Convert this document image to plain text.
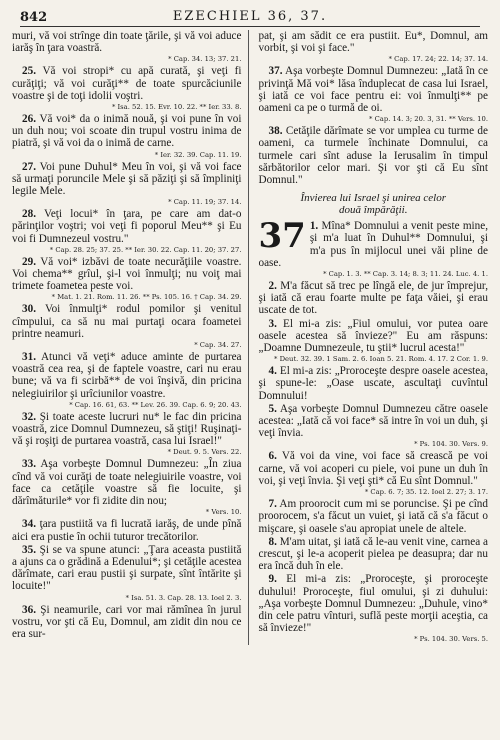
842	EZECHIEL 36, 37.

muri, vă voi strînge din toate ţările, şi vă voi aduce iarăş în ţara voastră.

* Cap. 34. 13; 37. 21.

25. Vă voi stropi* cu apă curată, şi veţi fi curăţiţi; vă voi curăţi** de toate spurcăciunile voastre şi de toţi idolii voştri.

* Isa. 52. 15. Evr. 10. 22. ** Ier. 33. 8.

26. Vă voi* da o inimă nouă, şi voi pune în voi un duh nou; voi scoate din trupul vostru inima de piatră, şi vă voi da o inimă de carne.

* Ier. 32. 39. Cap. 11. 19.

27. Voi pune Duhul* Meu în voi, şi vă voi face să urmaţi poruncile Mele şi să păziţi şi să împliniţi legile Mele.

* Cap. 11. 19; 37. 14.

28. Veţi locui* în ţara, pe care am dat-o părinţilor voştri; voi veţi fi poporul Meu** şi Eu voi fi Dumnezeul vostru."

* Cap. 28. 25; 37. 25. ** Ier. 30. 22. Cap. 11. 20; 37. 27.

29. Vă voi* izbăvi de toate necurăţiile voastre. Voi chema** grîul, şi-l voi înmulţi; nu voiţ mai trimete foametea peste voi.

* Mat. 1. 21. Rom. 11. 26. ** Ps. 105. 16. † Cap. 34. 29.

30. Voi înmulţi* rodul pomilor şi venitul cîmpului, ca să nu mai purtaţi ocara foametei printre neamuri.

* Cap. 34. 27.

31. Atunci vă veţi* aduce aminte de purtarea voastră cea rea, şi de faptele voastre, cari nu erau bune; vă va fi scirbă** de voi înşivă, din pricina nelegiuirilor şi urîciunilor voastre.

* Cap. 16. 61, 63. ** Lev. 26. 39. Cap. 6. 9; 20. 43.

32. Şi toate aceste lucruri nu* le fac din pricina voastră, zice Domnul Dumnezeu, să ştiţi! Ruşinaţi-vă şi roşiţi de purtarea voastră, casa lui Israel!"

* Deut. 9. 5. Vers. 22.

33. Aşa vorbeşte Domnul Dumnezeu: „În ziua cînd vă voi curăţi de toate nelegiuirile voastre, voi face ca cetăţile voastre să fie locuite, şi dărîmăturile* vor fi zidite din nou;

* Vers. 10.

34. ţara pustiită va fi lucrată iarăş, de unde pînă aici era pustie în ochii tuturor trecătorilor.

35. Şi se va spune atunci: „Ţara aceasta pustiită a ajuns ca o grădină a Edenului*; şi cetăţile acestea dărîmate, cari erau pustii şi surpate, sînt întărite şi locuite!"

* Isa. 51. 3. Cap. 28. 13. Ioel 2. 3.

36. Şi neamurile, cari vor mai rămînea în jurul vostru, vor şti că Eu, Domnul, am zidit din nou ce era sur-

pat, şi am sădit ce era pustiit. Eu*, Domnul, am vorbit, şi voi şi face."

* Cap. 17. 24; 22. 14; 37. 14.

37. Aşa vorbeşte Domnul Dumnezeu: „Iată în ce privinţă Mă voi* lăsa înduplecat de casa lui Israel, şi iată ce voi face pentru ei: voi înmulţi** pe oameni ca pe o turmă de oi.

* Cap. 14. 3; 20. 3, 31. ** Vers. 10.

38. Cetăţile dărîmate se vor umplea cu turme de oameni, ca turmele închinate Domnului, ca turmele cari sînt aduse la Ierusalim în timpul sărbătorilor celor mari. Şi vor şti că Eu sînt Domnul."

Învierea lui Israel şi unirea celor
două împărăţii.
37 1. Mîna* Domnului a venit peste mine, şi m'a luat în Duhul** Domnului, şi m'a pus în mijlocul unei văi pline de oase.

* Cap. 1. 3. ** Cap. 3. 14; 8. 3; 11. 24. Luc. 4. 1.

2. M'a făcut să trec pe lîngă ele, de jur împrejur, şi iată că erau foarte multe pe faţa văiei, şi erau uscate de tot.

3. El mi-a zis: „Fiul omului, vor putea oare oasele acestea să învieze?" Eu am răspuns: „Doamne Dumnezeule, tu ştii* lucrul acesta!"

* Deut. 32. 39. 1 Sam. 2. 6. Ioan 5. 21. Rom. 4. 17. 2 Cor. 1. 9.

4. El mi-a zis: „Proroceşte despre oasele acestea, şi spune-le: „Oase uscate, ascultaţi cuvîntul Domnului!

5. Aşa vorbeşte Domnul Dumnezeu către oasele acestea: „Iată că voi face* să intre în voi un duh, şi veţi învia.

* Ps. 104. 30. Vers. 9.

6. Vă voi da vine, voi face să crească pe voi carne, vă voi acoperi cu piele, voi pune un duh în voi, şi veţi învia. Şi veţi şti* că Eu sînt Domnul."

* Cap. 6. 7; 35. 12. Ioel 2. 27; 3. 17.

7. Am proorocit cum mi se poruncise. Şi pe cînd proorocem, s'a făcut un vuiet, şi iată că s'a făcut o mişcare, şi oasele s'au apropiat unele de altele.

8. M'am uitat, şi iată că le-au venit vine, carnea a crescut, şi le-a acoperit pielea pe deasupra; dar nu era încă duh în ele.

9. El mi-a zis: „Proroceşte, şi proroceşte duhului! Proroceşte, fiul omului, şi zi duhului: „Aşa vorbeşte Domnul Dumnezeu: „Duhule, vino* din cele patru vînturi, suflă peste morţii aceştia, ca să învieze!"

* Ps. 104. 30. Vers. 5.
